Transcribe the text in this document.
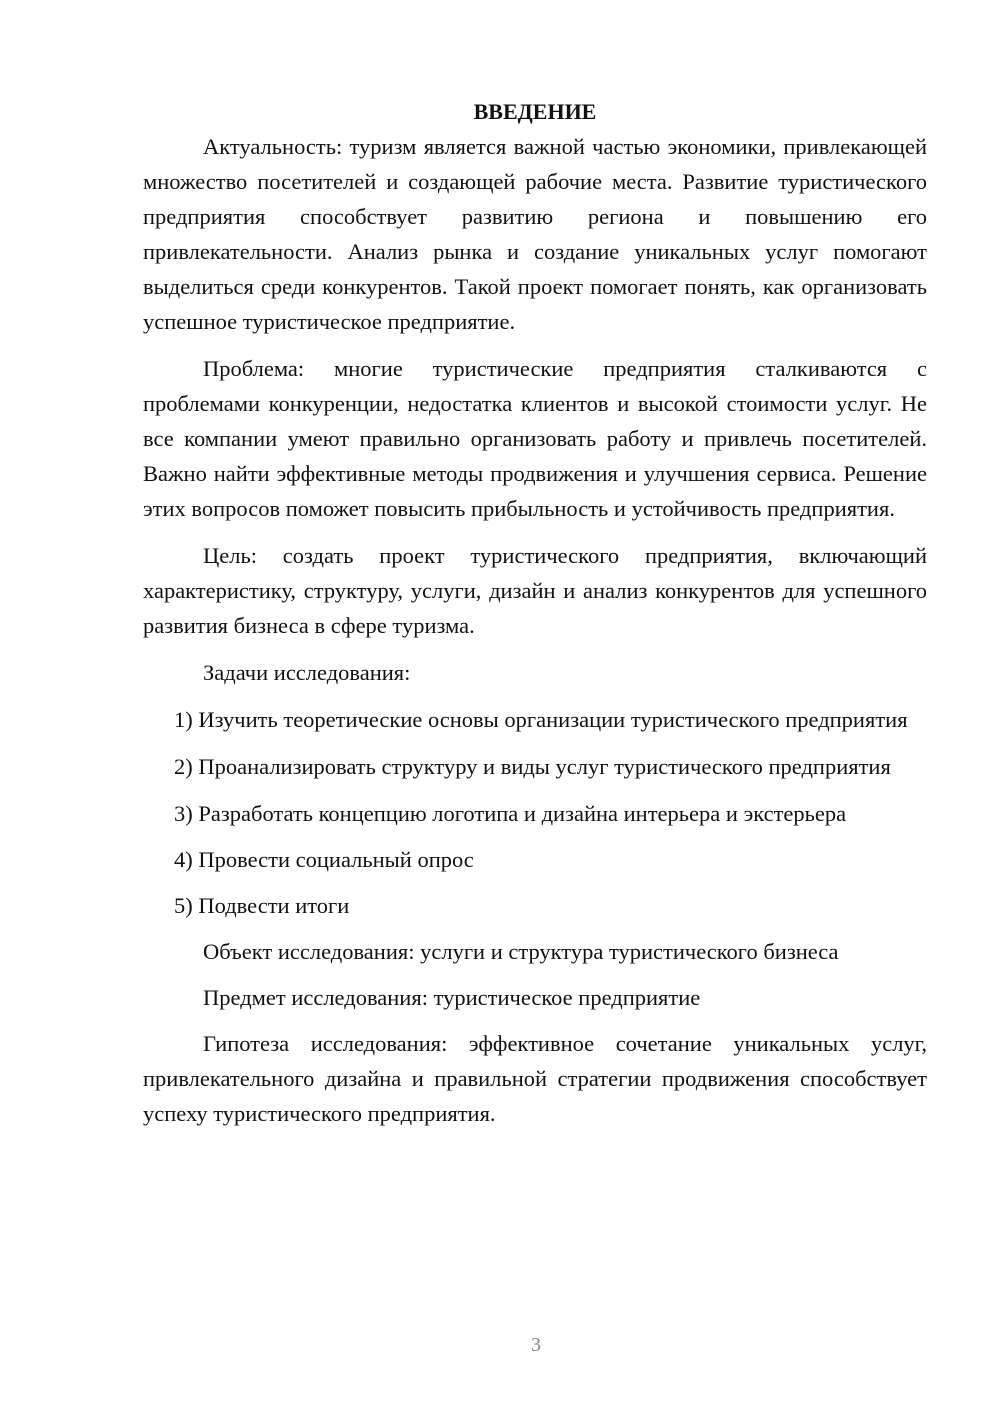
ВВЕДЕНИЕ

Актуальность: туризм является важной частью экономики, привлекающей множество посетителей и создающей рабочие места. Развитие туристического предприятия способствует развитию региона и повышению его привлекательности. Анализ рынка и создание уникальных услуг помогают выделиться среди конкурентов. Такой проект помогает понять, как организовать успешное туристическое предприятие.

Проблема: многие туристические предприятия сталкиваются с проблемами конкуренции, недостатка клиентов и высокой стоимости услуг. Не все компании умеют правильно организовать работу и привлечь посетителей. Важно найти эффективные методы продвижения и улучшения сервиса. Решение этих вопросов поможет повысить прибыльность и устойчивость предприятия.

Цель: создать проект туристического предприятия, включающий характеристику, структуру, услуги, дизайн и анализ конкурентов для успешного развития бизнеса в сфере туризма.

Задачи исследования:

1) Изучить теоретические основы организации туристического предприятия

2) Проанализировать структуру и виды услуг туристического предприятия

3) Разработать концепцию логотипа и дизайна интерьера и экстерьера

4) Провести социальный опрос

5) Подвести итоги

Объект исследования: услуги и структура туристического бизнеса

Предмет исследования: туристическое предприятие

Гипотеза исследования: эффективное сочетание уникальных услуг, привлекательного дизайна и правильной стратегии продвижения способствует успеху туристического предприятия.

3
